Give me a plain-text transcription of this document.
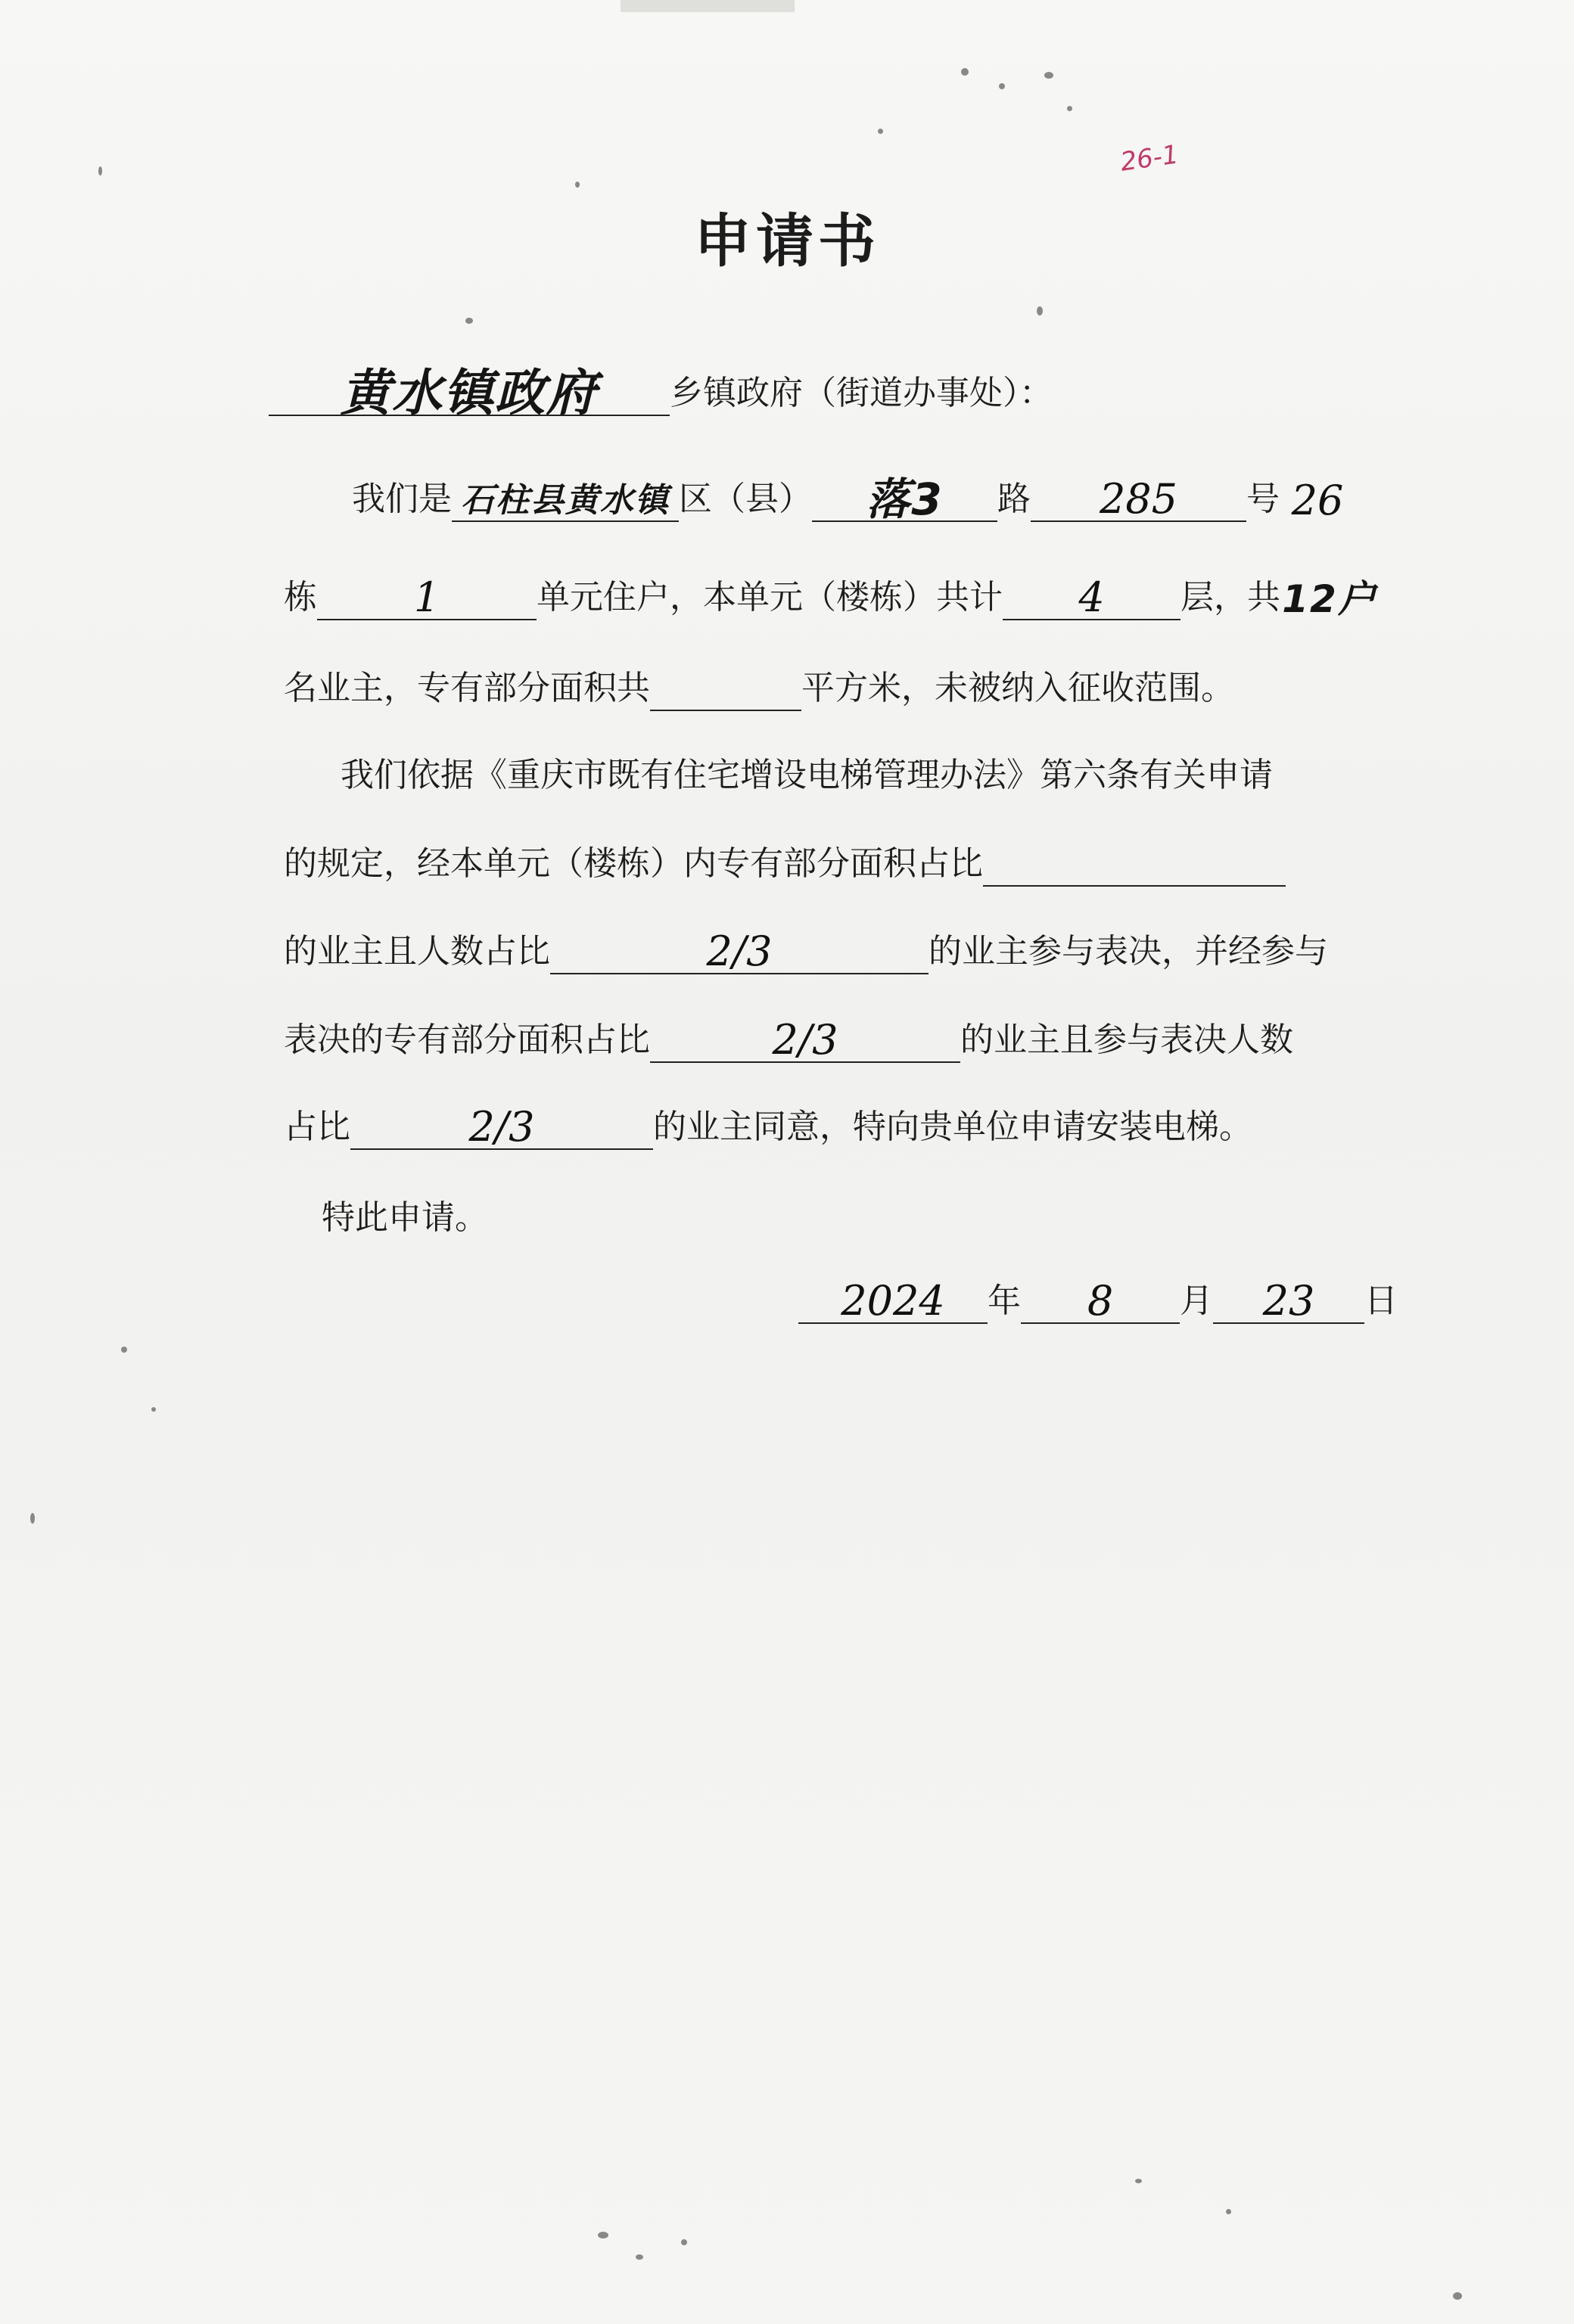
26-1
申请书
黄水镇政府 乡镇政府（街道办事处）：
我们是 石柱县黄水镇 区（县） 落3 路 285 号 26
栋 1	单元住户，本单元（楼栋）共计 4 层，共12户
名业主，专有部分面积共	平方米，未被纳入征收范围。
我们依据《重庆市既有住宅增设电梯管理办法》第六条有关申请
的规定，经本单元（楼栋）内专有部分面积占比
的业主且人数占比	2/3	的业主参与表决，并经参与
表决的专有部分面积占比	2/3	的业主且参与表决人数
占比	2/3	的业主同意，特向贵单位申请安装电梯。
特此申请。
2024 年 8 月 23 日
